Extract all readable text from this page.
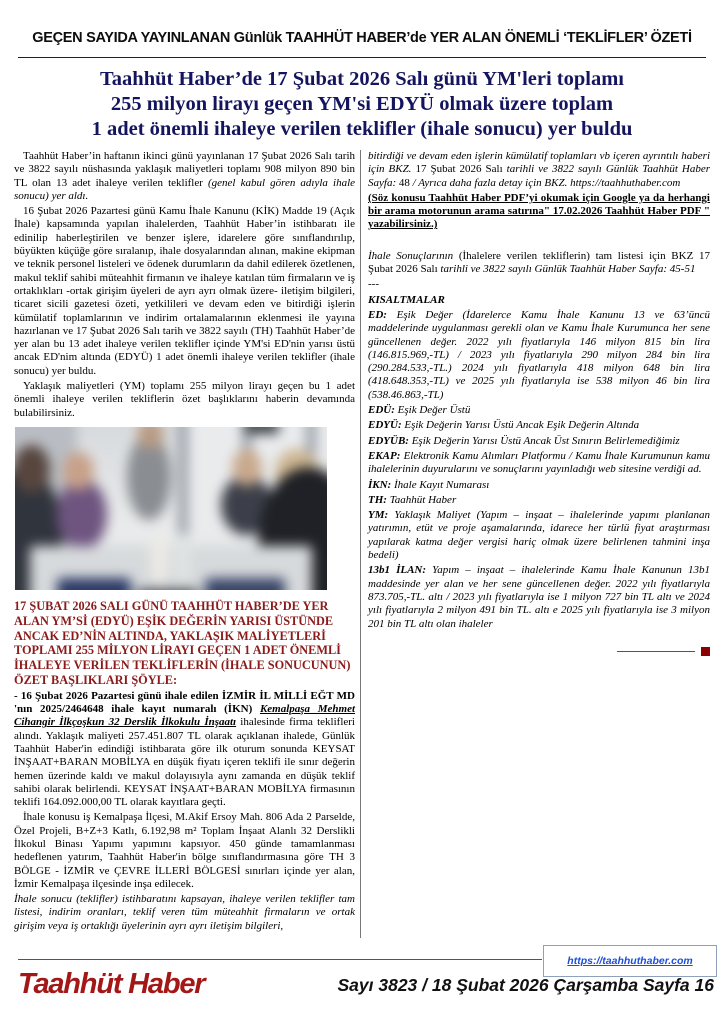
GEÇEN SAYIDA YAYINLANAN Günlük TAAHHÜT HABER’de YER ALAN ÖNEMLİ ‘TEKLİFLER’ ÖZETİ
Taahhüt Haber’de 17 Şubat 2026 Salı günü YM'leri toplamı
255 milyon lirayı geçen YM'si EDYÜ olmak üzere toplam
1 adet önemli ihaleye verilen teklifler (ihale sonucu) yer buldu

Taahhüt Haber’in haftanın ikinci günü yayınlanan 17 Şubat 2026 Salı tarih ve 3822 sayılı nüshasında yaklaşık maliyetleri toplamı 908 milyon 890 bin TL olan 13 adet ihaleye verilen teklifler (genel kabul gören adıyla ihale sonucu) yer aldı.

16 Şubat 2026 Pazartesi günü Kamu İhale Kanunu (KİK) Madde 19 (Açık İhale) kapsamında yapılan ihalelerden, Taahhüt Haber’in istihbaratı ile edinilip haberleştirilen ve benzer işlere, idarelere göre sınıflandırılıp, büyükten küçüğe göre sıralanıp, ihale dosyalarından alınan, makine ekipman ve teknik personel listeleri ve ödenek durumların da dahil edilerek özetlenen, makul teklif sahibi müteahhit firmanın ve ihaleye katılan tüm firmaların ve iş ortaklıkları -ortak girişim üyeleri de ayrı ayrı olmak üzere- iletişim bilgileri, ticaret sicili gazetesi özeti, yetkilileri ve devam eden ve bitirdiği işlerin kümülatif toplamlarının ve indirim ortalamalarının eklenmesi ile yayına hazırlanan ve 17 Şubat 2026 Salı tarih ve 3822 sayılı (TH) Taahhüt Haber’de yer alan bu 13 adet ihaleye verilen teklifler içinde YM'si ED'nin yarısı üstü ancak ED'nim altında (EDYÜ) 1 adet önemli ihaleye verilen teklifler (ihale sonucu) yer buldu.

Yaklaşık maliyetleri (YM) toplamı 255 milyon lirayı geçen bu 1 adet önemli ihaleye verilen tekliflerin özet başlıklarını haberin devamında bulabilirsiniz.

17 ŞUBAT 2026 SALI GÜNÜ TAAHHÜT HABER’DE YER ALAN YM’Sİ (EDYÜ) EŞİK DEĞERİN YARISI ÜSTÜNDE ANCAK ED’NİN ALTINDA, YAKLAŞIK MALİYETLERİ TOPLAMI 255 MİLYON LİRAYI GEÇEN 1 ADET ÖNEMLİ İHALEYE VERİLEN TEKLİFLERİN (İHALE SONUCUNUN) ÖZET BAŞLIKLARI ŞÖYLE:

- 16 Şubat 2026 Pazartesi günü ihale edilen İZMİR İL MİLLİ EĞT MD 'nın 2025/2464648 ihale kayıt numaralı (İKN) Kemalpaşa Mehmet Cihangir İlkçoşkun 32 Derslik İlkokulu İnşaatı ihalesinde firma teklifleri alındı. Yaklaşık maliyeti 257.451.807 TL olarak açıklanan ihalede, Günlük Taahhüt Haber'in edindiği istihbarata göre ilk oturum sonunda KEYSAT İNŞAAT+BARAN MOBİLYA en düşük fiyatı içeren teklifi ile sınır değerin hemen üzerinde kaldı ve makul dolayısıyla aynı zamanda en düşük teklif sahibi olarak belirlendi. KEYSAT İNŞAAT+BARAN MOBİLYA firmasının teklifi 164.092.000,00 TL olarak kayıtlara geçti.

İhale konusu iş Kemalpaşa İlçesi, M.Akif Ersoy Mah. 806 Ada 2 Parselde, Özel Projeli, B+Z+3 Katlı, 6.192,98 m² Toplam İnşaat Alanlı 32 Derslikli İlkokul Binası Yapımı yapımını kapsıyor. 450 günde tamamlanması hedeflenen yatırım, Taahhüt Haber'in bölge sınıflandırmasına göre TH 3 BÖLGE - İZMİR ve ÇEVRE İLLERİ BÖLGESİ sınırları içinde yer alan, İzmir Kemalpaşa ilçesinde inşa edilecek.

İhale sonucu (teklifler) istihbaratını kapsayan, ihaleye verilen teklifler tam listesi, indirim oranları, teklif veren tüm müteahhit firmaların ve ortak girişim veya iş ortaklığı üyelerinin ayrı ayrı iletişim bilgileri,

bitirdiği ve devam eden işlerin kümülatif toplamları vb içeren ayrıntılı haberi için BKZ. 17 Şubat 2026 Salı tarihli ve 3822 sayılı Günlük Taahhüt Haber Sayfa: 48 / Ayrıca daha fazla detay için BKZ. https://taahhuthaber.com

(Söz konusu Taahhüt Haber PDF’yi okumak için Google ya da herhangi bir arama motorunun arama satırına" 17.02.2026 Taahhüt Haber PDF " yazabilirsiniz.)

İhale Sonuçlarının (İhalelere verilen tekliflerin) tam listesi için BKZ 17 Şubat 2026 Salı tarihli ve 3822 sayılı Günlük Taahhüt Haber Sayfa: 45-51

---

KISALTMALAR

ED: Eşik Değer (İdarelerce Kamu İhale Kanunu 13 ve 63’üncü maddelerinde uygulanması gerekli olan ve Kamu İhale Kurumunca her sene güncellenen değer. 2022 yılı fiyatlarıyla 146 milyon 815 bin lira (146.815.969,-TL) / 2023 yılı fiyatlarıyla 290 milyon 284 bin lira (290.284.533,-TL.) 2024 yılı fiyatlarıyla 418 milyon 648 bin lira (418.648.353,-TL) ve 2025 yılı fiyatlarıyla ise 538 milyon 46 bin lira (538.46.863,-TL)

EDÜ: Eşik Değer Üstü

EDYÜ: Eşik Değerin Yarısı Üstü Ancak Eşik Değerin Altında

EDYÜB: Eşik Değerin Yarısı Üstü Ancak Üst Sınırın Belirlemediğimiz

EKAP: Elektronik Kamu Alımları Platformu / Kamu İhale Kurumunun kamu ihalelerinin duyurularını ve sonuçlarını yayınladığı web sitesine verdiği ad.

İKN: İhale Kayıt Numarası

TH: Taahhüt Haber

YM: Yaklaşık Maliyet (Yapım – inşaat – ihalelerinde yapımı planlanan yatırımın, etüt ve proje aşamalarında, idarece her türlü fiyat araştırması yapılarak katma değer vergisi hariç olmak üzere belirlenen tahmini inşa bedeli)

13b1 İLAN: Yapım – inşaat – ihalelerinde Kamu İhale Kanunun 13b1 maddesinde yer alan ve her sene güncellenen değer. 2022 yılı fiyatlarıyla 873.705,-TL. altı / 2023 yılı fiyatlarıyla ise 1 milyon 727 bin TL altı ve 2024 yılı fiyatlarıyla 2 milyon 491 bin TL. altı e 2025 yılı fiyatlarıyla ise 3 milyon 201 bin TL altı olan ihaleler

https://taahhuthaber.com
Taahhüt Haber	Sayı 3823 / 18 Şubat 2026 Çarşamba Sayfa 16
